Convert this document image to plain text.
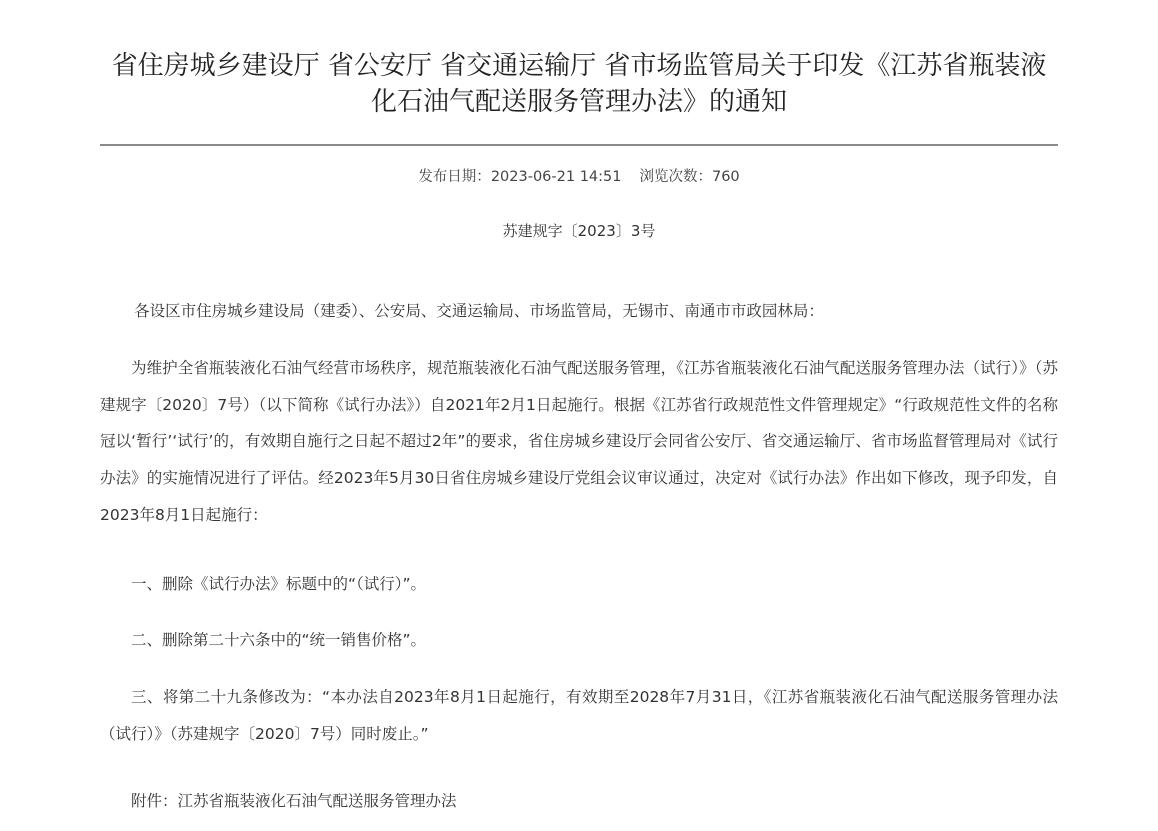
省住房城乡建设厅 省公安厅 省交通运输厅 省市场监管局关于印发《江苏省瓶装液化石油气配送服务管理办法》的通知
发布日期：2023-06-21 14:51 浏览次数：760
苏建规字〔2023〕3号

各设区市住房城乡建设局（建委）、公安局、交通运输局、市场监管局，无锡市、南通市市政园林局：

为维护全省瓶装液化石油气经营市场秩序，规范瓶装液化石油气配送服务管理，《江苏省瓶装液化石油气配送服务管理办法（试行）》（苏建规字〔2020〕7号）（以下简称《试行办法》）自2021年2月1日起施行。根据《江苏省行政规范性文件管理规定》“行政规范性文件的名称冠以‘暂行’‘试行’的，有效期自施行之日起不超过2年”的要求，省住房城乡建设厅会同省公安厅、省交通运输厅、省市场监督管理局对《试行办法》的实施情况进行了评估。经2023年5月30日省住房城乡建设厅党组会议审议通过，决定对《试行办法》作出如下修改，现予印发，自2023年8月1日起施行：

一、删除《试行办法》标题中的“（试行）”。

二、删除第二十六条中的“统一销售价格”。

三、将第二十九条修改为：“本办法自2023年8月1日起施行，有效期至2028年7月31日，《江苏省瓶装液化石油气配送服务管理办法（试行）》（苏建规字〔2020〕7号）同时废止。”

附件：江苏省瓶装液化石油气配送服务管理办法
